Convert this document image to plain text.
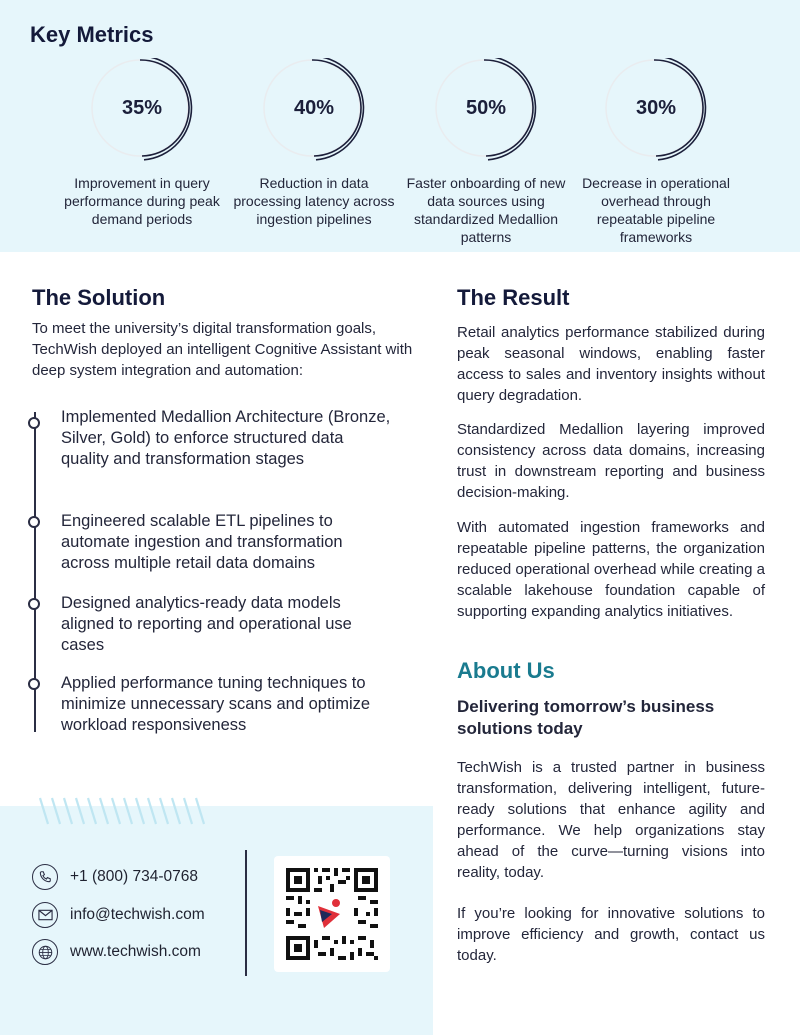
Key Metrics
35%
Improvement in query performance during peak demand periods
40%
Reduction in data processing latency across ingestion pipelines
50%
Faster onboarding of new data sources using standardized Medallion patterns
30%
Decrease in operational overhead through repeatable pipeline frameworks
The Solution

To meet the university’s digital transformation goals, TechWish deployed an intelligent Cognitive Assistant with deep system integration and automation:

Implemented Medallion Architecture (Bronze, Silver, Gold) to enforce structured data quality and transformation stages

Engineered scalable ETL pipelines to automate ingestion and transformation across multiple retail data domains

Designed analytics-ready data models aligned to reporting and operational use cases

Applied performance tuning techniques to minimize unnecessary scans and optimize workload responsiveness

The Result

Retail analytics performance stabilized during peak seasonal windows, enabling faster access to sales and inventory insights without query degradation.

Standardized Medallion layering improved consistency across data domains, increasing trust in downstream reporting and business decision-making.

With automated ingestion frameworks and repeatable pipeline patterns, the organization reduced operational overhead while creating a scalable lakehouse foundation capable of supporting expanding analytics initiatives.

About Us

Delivering tomorrow’s business solutions today

TechWish is a trusted partner in business transformation, delivering intelligent, future-ready solutions that enhance agility and performance. We help organizations stay ahead of the curve—turning visions into reality, today.

If you’re looking for innovative solutions to improve efficiency and growth, contact us today.

+1 (800) 734-0768
info@techwish.com
www.techwish.com
